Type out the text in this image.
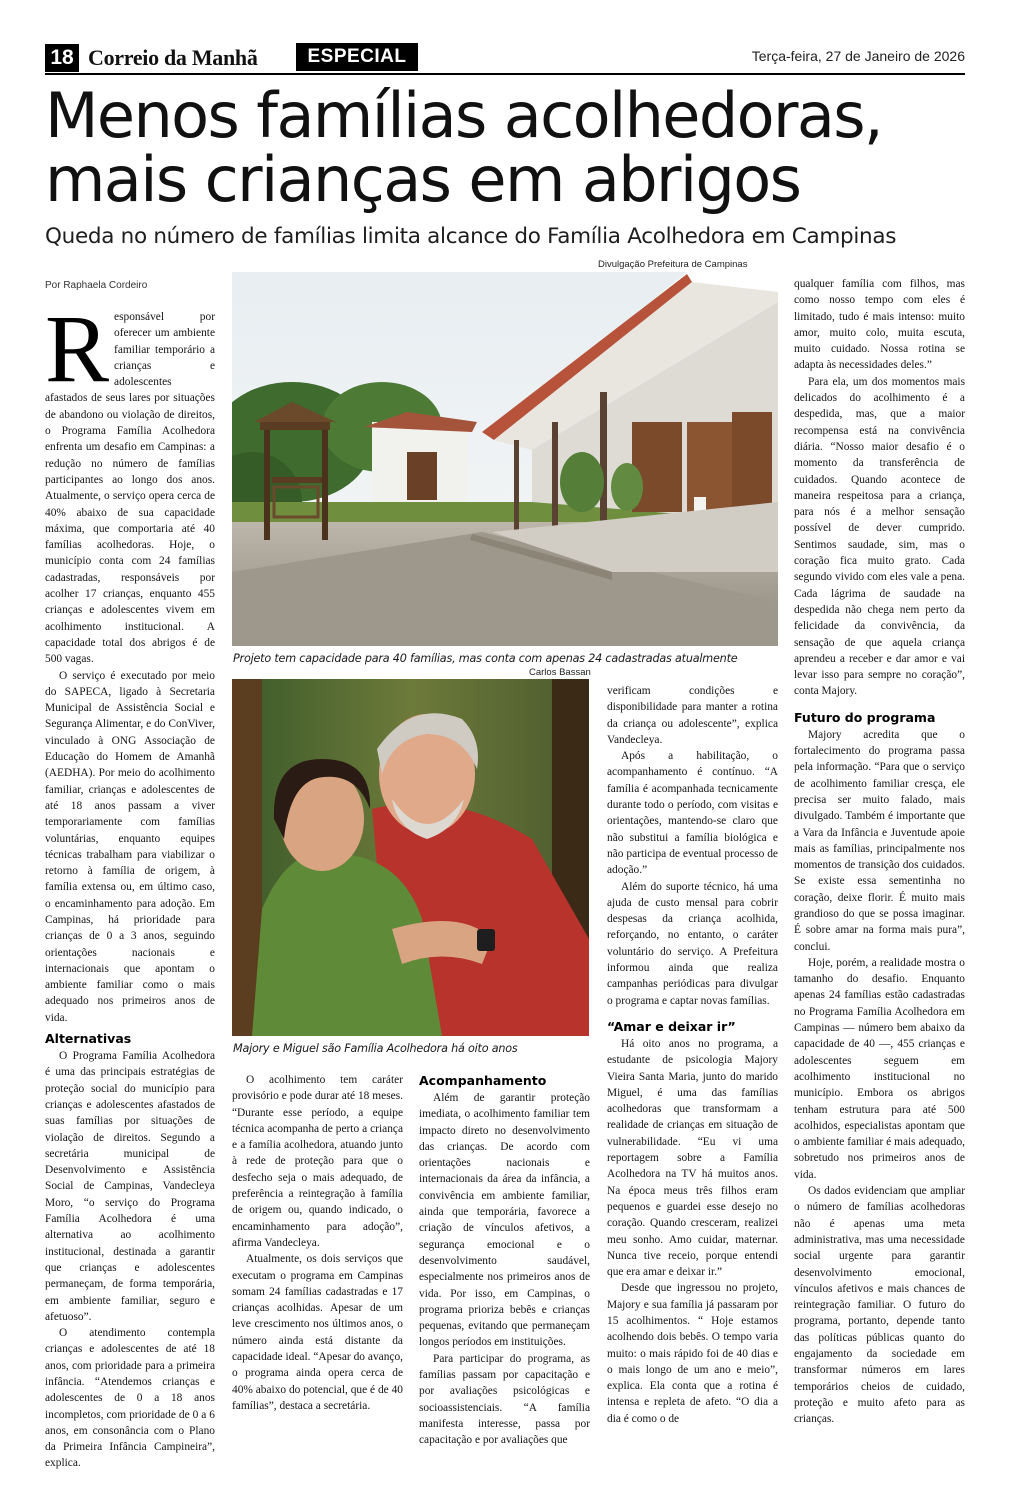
18 Correio da Manhã	ESPECIAL	Terça-feira, 27 de Janeiro de 2026
Menos famílias acolhedoras,
mais crianças em abrigos
Queda no número de famílias limita alcance do Família Acolhedora em Campinas
Por Raphaela Cordeiro
Divulgação Prefeitura de Campinas
Projeto tem capacidade para 40 famílias, mas conta com apenas 24 cadastradas atualmente
Carlos Bassan
Majory e Miguel são Família Acolhedora há oito anos

Responsável por oferecer um ambiente familiar temporário a crianças e adolescentes afastados de seus lares por situações de abandono ou violação de direitos, o Programa Família Acolhedora enfrenta um desafio em Campinas: a redução no número de famílias participantes ao longo dos anos. Atualmente, o serviço opera cerca de 40% abaixo de sua capacidade máxima, que comportaria até 40 famílias acolhedoras. Hoje, o município conta com 24 famílias cadastradas, responsáveis por acolher 17 crianças, enquanto 455 crianças e adolescentes vivem em acolhimento institucional. A capacidade total dos abrigos é de 500 vagas.

O serviço é executado por meio do SAPECA, ligado à Secretaria Municipal de Assistência Social e Segurança Alimentar, e do ConViver, vinculado à ONG Associação de Educação do Homem de Amanhã (AEDHA). Por meio do acolhimento familiar, crianças e adolescentes de até 18 anos passam a viver temporariamente com famílias voluntárias, enquanto equipes técnicas trabalham para viabilizar o retorno à família de origem, à família extensa ou, em último caso, o encaminhamento para adoção. Em Campinas, há prioridade para crianças de 0 a 3 anos, seguindo orientações nacionais e internacionais que apontam o ambiente familiar como o mais adequado nos primeiros anos de vida.

Alternativas

O Programa Família Acolhedora é uma das principais estratégias de proteção social do município para crianças e adolescentes afastados de suas famílias por situações de violação de direitos. Segundo a secretária municipal de Desenvolvimento e Assistência Social de Campinas, Vandecleya Moro, “o serviço do Programa Família Acolhedora é uma alternativa ao acolhimento institucional, destinada a garantir que crianças e adolescentes permaneçam, de forma temporária, em ambiente familiar, seguro e afetuoso”.

O atendimento contempla crianças e adolescentes de até 18 anos, com prioridade para a primeira infância. “Atendemos crianças e adolescentes de 0 a 18 anos incompletos, com prioridade de 0 a 6 anos, em consonância com o Plano da Primeira Infância Campineira”, explica.

O acolhimento tem caráter provisório e pode durar até 18 meses. “Durante esse período, a equipe técnica acompanha de perto a criança e a família acolhedora, atuando junto à rede de proteção para que o desfecho seja o mais adequado, de preferência a reintegração à família de origem ou, quando indicado, o encaminhamento para adoção”, afirma Vandecleya.

Atualmente, os dois serviços que executam o programa em Campinas somam 24 famílias cadastradas e 17 crianças acolhidas. Apesar de um leve crescimento nos últimos anos, o número ainda está distante da capacidade ideal. “Apesar do avanço, o programa ainda opera cerca de 40% abaixo do potencial, que é de 40 famílias”, destaca a secretária.

Acompanhamento

Além de garantir proteção imediata, o acolhimento familiar tem impacto direto no desenvolvimento das crianças. De acordo com orientações nacionais e internacionais da área da infância, a convivência em ambiente familiar, ainda que temporária, favorece a criação de vínculos afetivos, a segurança emocional e o desenvolvimento saudável, especialmente nos primeiros anos de vida. Por isso, em Campinas, o programa prioriza bebês e crianças pequenas, evitando que permaneçam longos períodos em instituições.

Para participar do programa, as famílias passam por capacitação e por avaliações psicológicas e socioassistenciais. “A família manifesta interesse, passa por capacitação e por avaliações que

verificam condições e disponibilidade para manter a rotina da criança ou adolescente”, explica Vandecleya.

Após a habilitação, o acompanhamento é contínuo. “A família é acompanhada tecnicamente durante todo o período, com visitas e orientações, mantendo-se claro que não substitui a família biológica e não participa de eventual processo de adoção.”

Além do suporte técnico, há uma ajuda de custo mensal para cobrir despesas da criança acolhida, reforçando, no entanto, o caráter voluntário do serviço. A Prefeitura informou ainda que realiza campanhas periódicas para divulgar o programa e captar novas famílias.

“Amar e deixar ir”

Há oito anos no programa, a estudante de psicologia Majory Vieira Santa Maria, junto do marido Miguel, é uma das famílias acolhedoras que transformam a realidade de crianças em situação de vulnerabilidade. “Eu vi uma reportagem sobre a Família Acolhedora na TV há muitos anos. Na época meus três filhos eram pequenos e guardei esse desejo no coração. Quando cresceram, realizei meu sonho. Amo cuidar, maternar. Nunca tive receio, porque entendi que era amar e deixar ir.”

Desde que ingressou no projeto, Majory e sua família já passaram por 15 acolhimentos. “ Hoje estamos acolhendo dois bebês. O tempo varia muito: o mais rápido foi de 40 dias e o mais longo de um ano e meio”, explica. Ela conta que a rotina é intensa e repleta de afeto. “O dia a dia é como o de

qualquer família com filhos, mas como nosso tempo com eles é limitado, tudo é mais intenso: muito amor, muito colo, muita escuta, muito cuidado. Nossa rotina se adapta às necessidades deles.”

Para ela, um dos momentos mais delicados do acolhimento é a despedida, mas, que a maior recompensa está na convivência diária. “Nosso maior desafio é o momento da transferência de cuidados. Quando acontece de maneira respeitosa para a criança, para nós é a melhor sensação possível de dever cumprido. Sentimos saudade, sim, mas o coração fica muito grato. Cada segundo vivido com eles vale a pena. Cada lágrima de saudade na despedida não chega nem perto da felicidade da convivência, da sensação de que aquela criança aprendeu a receber e dar amor e vai levar isso para sempre no coração”, conta Majory.

Futuro do programa

Majory acredita que o fortalecimento do programa passa pela informação. “Para que o serviço de acolhimento familiar cresça, ele precisa ser muito falado, mais divulgado. Também é importante que a Vara da Infância e Juventude apoie mais as famílias, principalmente nos momentos de transição dos cuidados. Se existe essa sementinha no coração, deixe florir. É muito mais grandioso do que se possa imaginar. É sobre amar na forma mais pura”, conclui.

Hoje, porém, a realidade mostra o tamanho do desafio. Enquanto apenas 24 famílias estão cadastradas no Programa Família Acolhedora em Campinas — número bem abaixo da capacidade de 40 —, 455 crianças e adolescentes seguem em acolhimento institucional no município. Embora os abrigos tenham estrutura para até 500 acolhidos, especialistas apontam que o ambiente familiar é mais adequado, sobretudo nos primeiros anos de vida.

Os dados evidenciam que ampliar o número de famílias acolhedoras não é apenas uma meta administrativa, mas uma necessidade social urgente para garantir desenvolvimento emocional, vínculos afetivos e mais chances de reintegração familiar. O futuro do programa, portanto, depende tanto das políticas públicas quanto do engajamento da sociedade em transformar números em lares temporários cheios de cuidado, proteção e muito afeto para as crianças.
